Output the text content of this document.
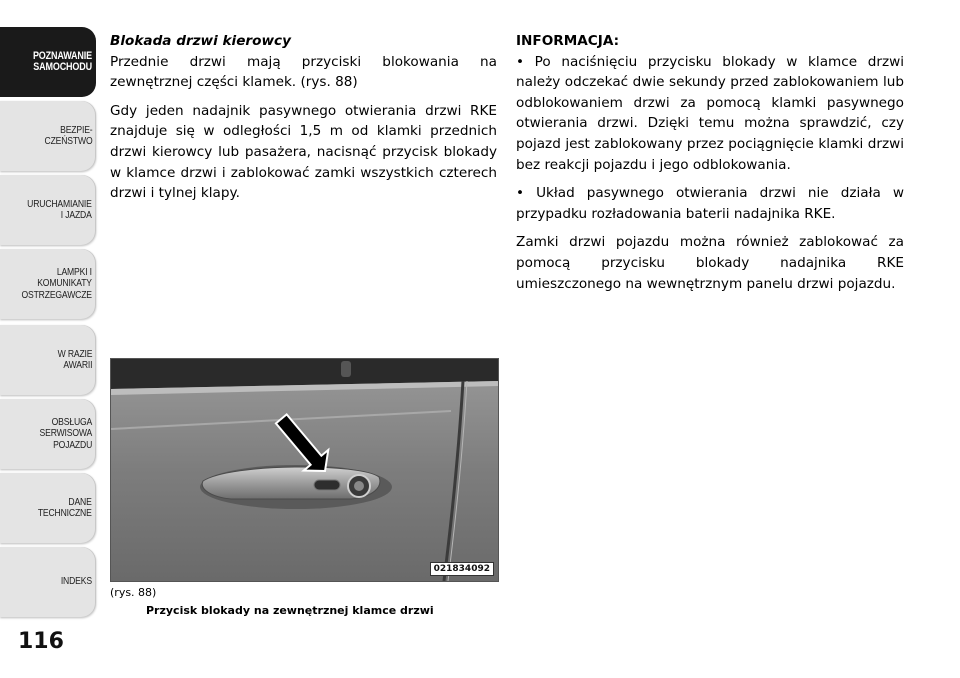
POZNAWANIE
SAMOCHODU
BEZPIE-
CZEŃSTWO
URUCHAMIANIE
I JAZDA
LAMPKI I
KOMUNIKATY
OSTRZEGAWCZE
W RAZIE
AWARII
OBSŁUGA
SERWISOWA
POJAZDU
DANE
TECHNICZNE
INDEKS
116
Blokada drzwi kierowcy

Przednie drzwi mają przyciski blokowania na zewnętrznej części klamek. (rys. 88)

Gdy jeden nadajnik pasywnego otwierania drzwi RKE znajduje się w odległości 1,5 m od klamki przednich drzwi kierowcy lub pasażera, nacisnąć przycisk blokady w klamce drzwi i zablokować zamki wszystkich czterech drzwi i tylnej klapy.

INFORMACJA:

• Po naciśnięciu przycisku blokady w klamce drzwi należy odczekać dwie sekundy przed zablokowaniem lub odblokowaniem drzwi za pomocą klamki pasywnego otwierania drzwi. Dzięki temu można sprawdzić, czy pojazd jest zablokowany przez pociągnięcie klamki drzwi bez reakcji pojazdu i jego odblokowania.

• Układ pasywnego otwierania drzwi nie działa w przypadku rozładowania baterii nadajnika RKE.

Zamki drzwi pojazdu można również zablokować za pomocą przycisku blokady nadajnika RKE umieszczonego na wewnętrznym panelu drzwi pojazdu.

021834092
(rys. 88)
Przycisk blokady na zewnętrznej klamce drzwi
